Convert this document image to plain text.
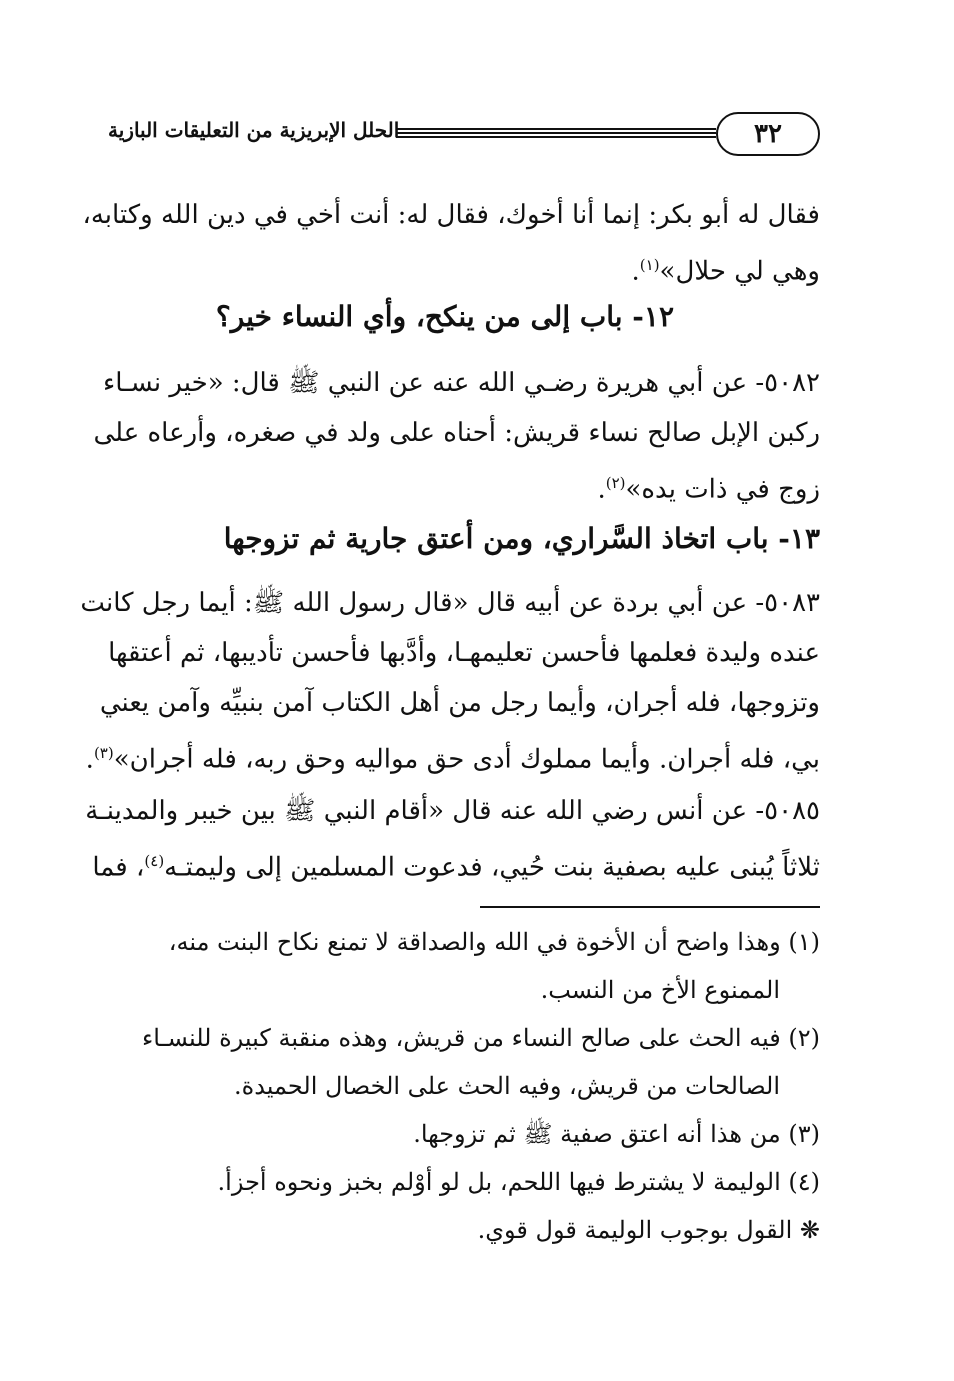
٣٢
الحلل الإبريزية من التعليقات البازية
فقال له أبو بكر: إنما أنا أخوك، فقال له: أنت أخي في دين الله وكتابه،
وهي لي حلال»$^{(١)}$.
١٢- باب إلى من ينكح، وأي النساء خير؟
٥٠٨٢- عن أبي هريرة رضـي الله عنه عن النبي ﷺ قال: «خير نسـاء
ركبن الإبل صالح نساء قريش: أحناه على ولد في صغره، وأرعاه على
زوج في ذات يده»$^{(٢)}$.
١٣- باب اتخاذ السَّراري، ومن أعتق جارية ثم تزوجها
٥٠٨٣- عن أبي بردة عن أبيه قال «قال رسول الله ﷺ: أيما رجل كانت
عنده وليدة فعلمها فأحسن تعليمهـا، وأدَّبها فأحسن تأديبها، ثم أعتقها
وتزوجها، فله أجران، وأيما رجل من أهل الكتاب آمن بنبيِّه وآمن يعني
بي، فله أجران. وأيما مملوك أدى حق مواليه وحق ربه، فله أجران»$^{(٣)}$.
٥٠٨٥- عن أنس رضي الله عنه قال «أقام النبي ﷺ بين خيبر والمدينـة
ثلاثاً يُبنى عليه بصفية بنت حُيي، فدعوت المسلمين إلى وليمتـه$^{(٤)}$، فما
(١) وهذا واضح أن الأخوة في الله والصداقة لا تمنع نكاح البنت منه،
الممنوع الأخ من النسب.
(٢) فيه الحث على صالح النساء من قريش، وهذه منقبة كبيرة للنسـاء
الصالحات من قريش، وفيه الحث على الخصال الحميدة.
(٣) من هذا أنه اعتق صفية ﷺ ثم تزوجها.
(٤) الوليمة لا يشترط فيها اللحم، بل لو أوْلم بخبز ونحوه أجزأ.
❋ القول بوجوب الوليمة قول قوي.
